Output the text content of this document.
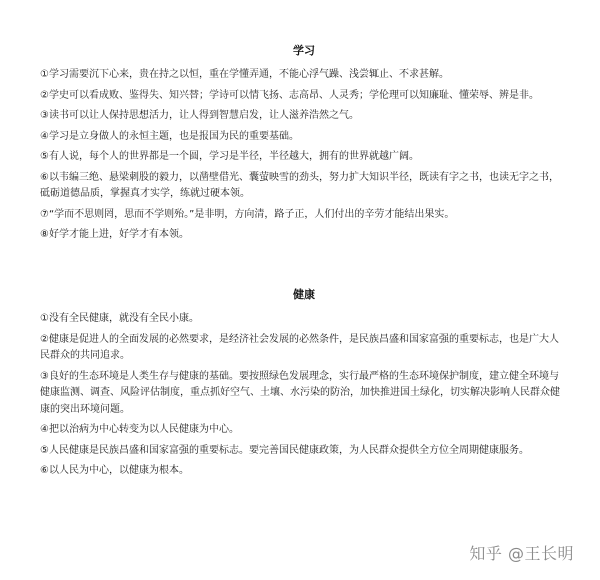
学习
①学习需要沉下心来，贵在持之以恒，重在学懂弄通，不能心浮气躁、浅尝辄止、不求甚解。
②学史可以看成败、鉴得失、知兴替；学诗可以情飞扬、志高昂、人灵秀；学伦理可以知廉耻、懂荣辱、辨是非。
③读书可以让人保持思想活力，让人得到智慧启发，让人滋养浩然之气。
④学习是立身做人的永恒主题，也是报国为民的重要基础。
⑤有人说，每个人的世界都是一个圆，学习是半径，半径越大，拥有的世界就越广阔。
⑥以韦编三绝、悬梁刺股的毅力，以凿壁借光、囊萤映雪的劲头，努力扩大知识半径，既读有字之书，也读无字之书，砥砺道德品质，掌握真才实学，练就过硬本领。
⑦“学而不思则罔，思而不学则殆。”是非明，方向清，路子正，人们付出的辛劳才能结出果实。
⑧好学才能上进，好学才有本领。
健康
①没有全民健康，就没有全民小康。
②健康是促进人的全面发展的必然要求，是经济社会发展的必然条件，是民族昌盛和国家富强的重要标志，也是广大人民群众的共同追求。
③良好的生态环境是人类生存与健康的基础。要按照绿色发展理念，实行最严格的生态环境保护制度，建立健全环境与健康监测、调查、风险评估制度，重点抓好空气、土壤、水污染的防治，加快推进国土绿化，切实解决影响人民群众健康的突出环境问题。
④把以治病为中心转变为以人民健康为中心。
⑤人民健康是民族昌盛和国家富强的重要标志。要完善国民健康政策，为人民群众提供全方位全周期健康服务。
⑥以人民为中心，以健康为根本。
知乎 @王长明
